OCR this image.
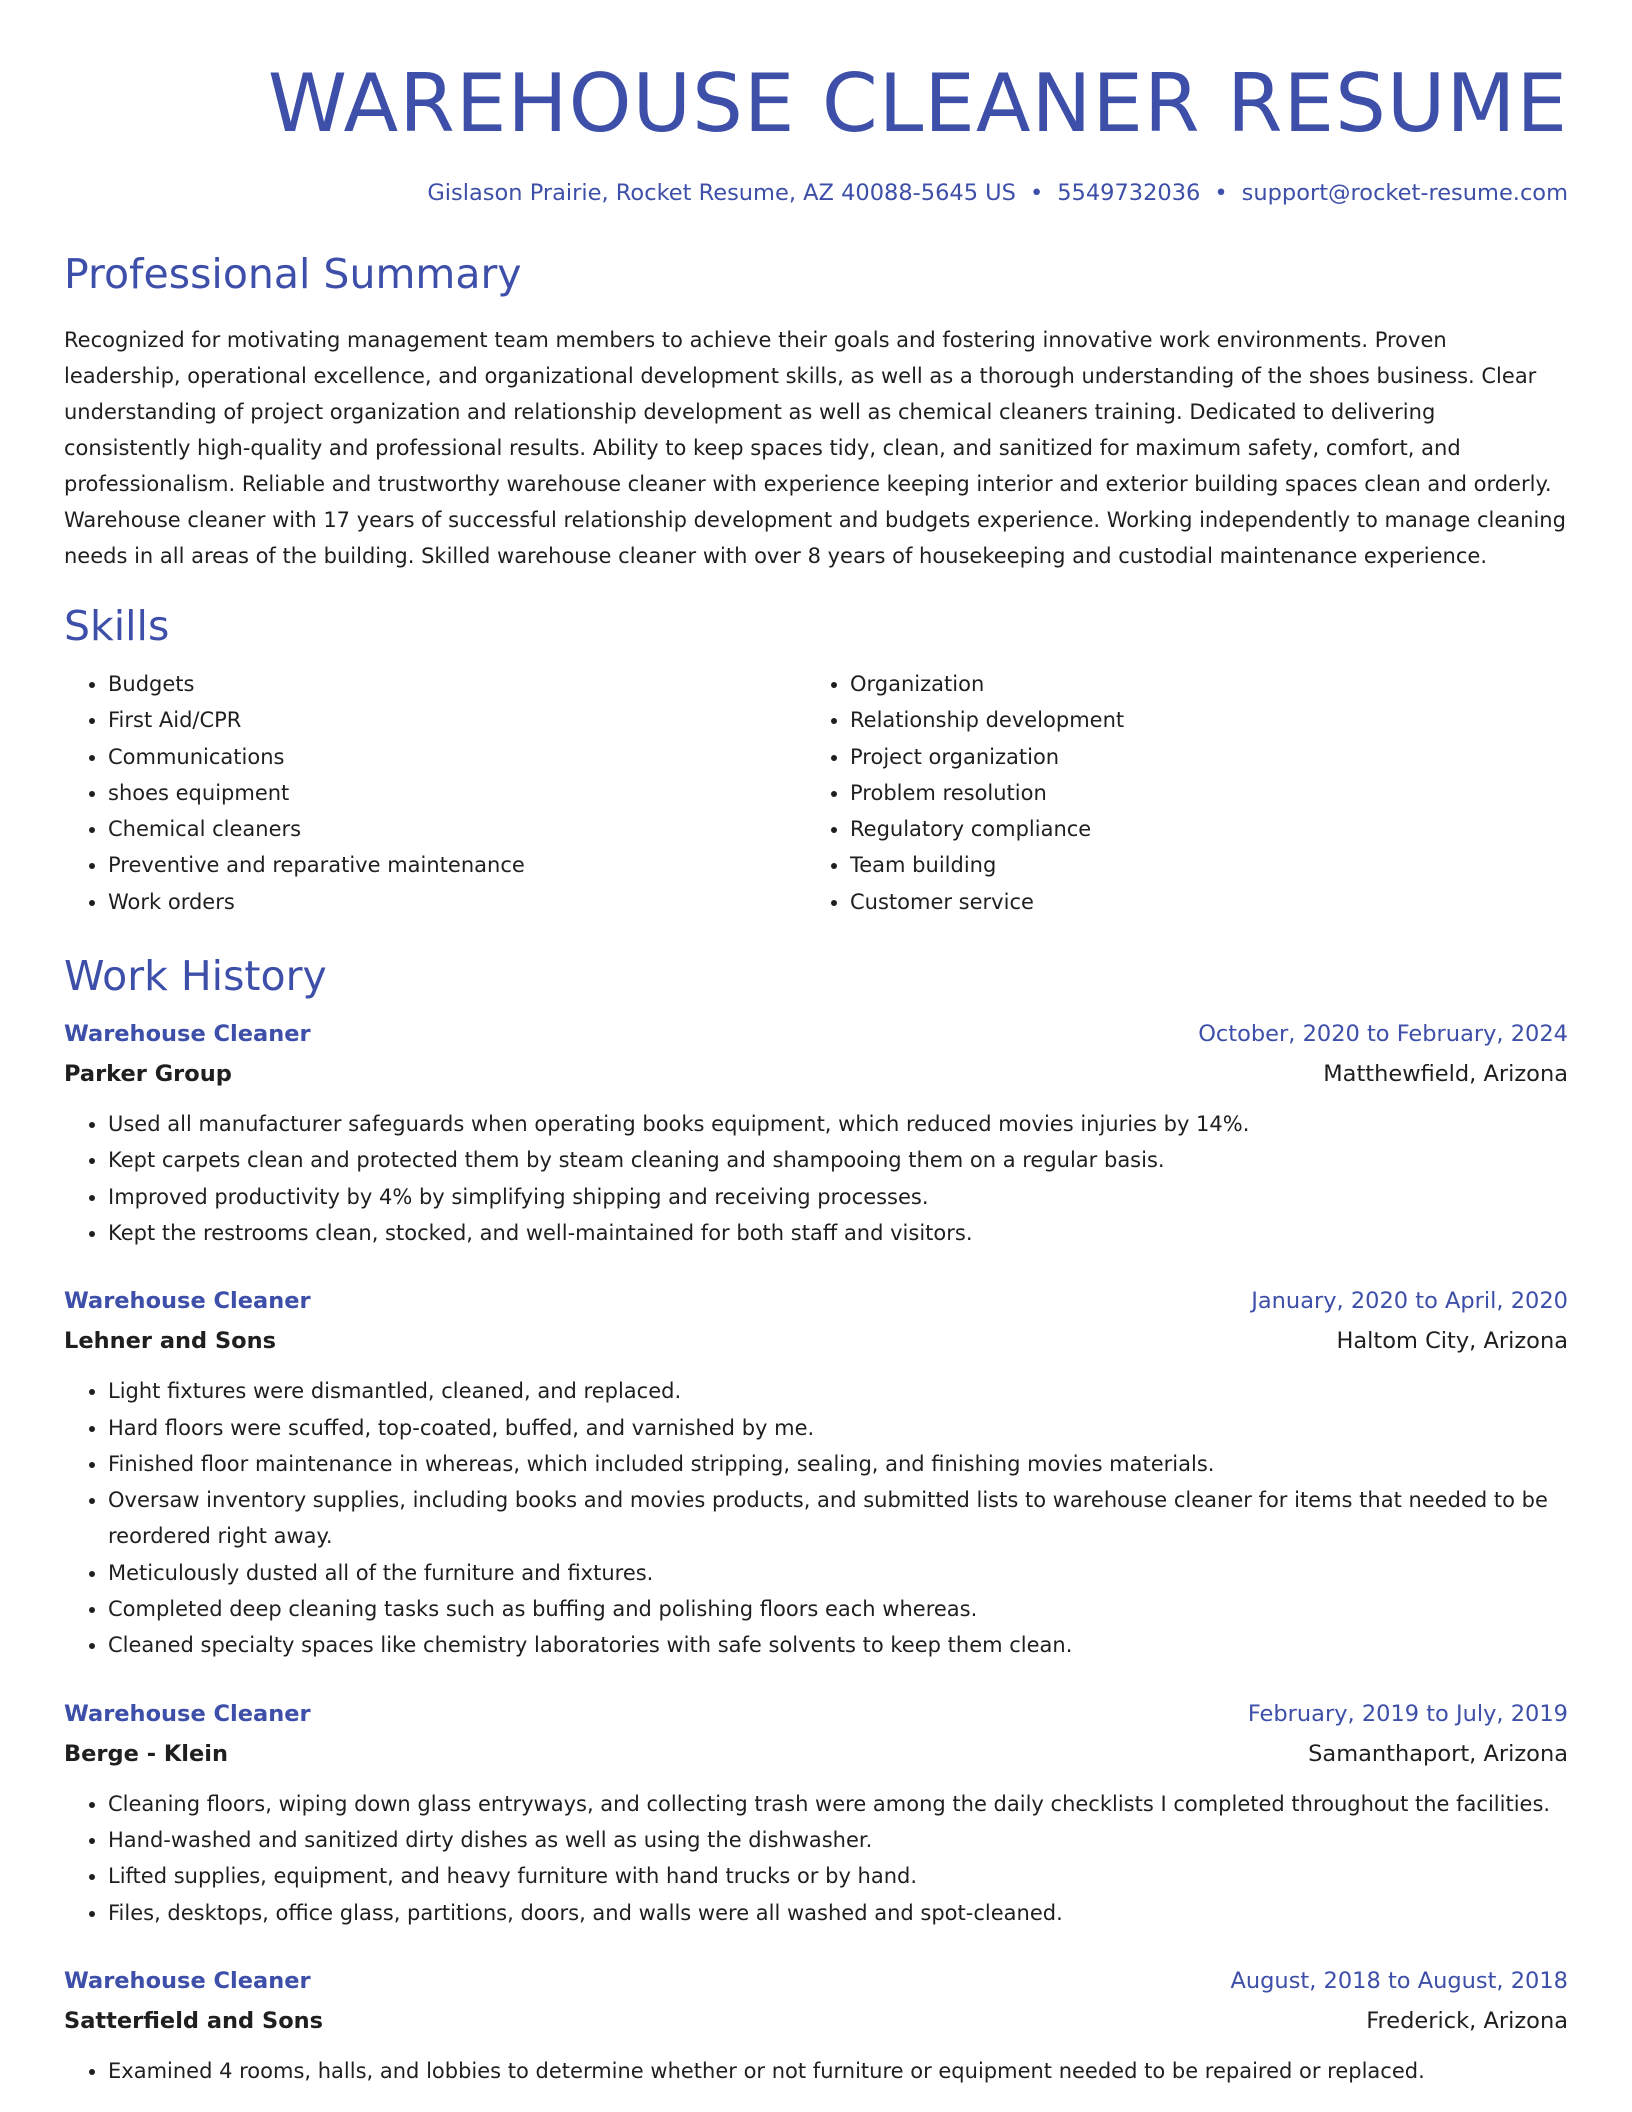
WAREHOUSE CLEANER RESUME
Gislason Prairie, Rocket Resume, AZ 40088-5645 US • 5549732036 • support@rocket-resume.com
Professional Summary
Recognized for motivating management team members to achieve their goals and fostering innovative work environments. Proven leadership, operational excellence, and organizational development skills, as well as a thorough understanding of the shoes business. Clear understanding of project organization and relationship development as well as chemical cleaners training. Dedicated to delivering consistently high-quality and professional results. Ability to keep spaces tidy, clean, and sanitized for maximum safety, comfort, and professionalism. Reliable and trustworthy warehouse cleaner with experience keeping interior and exterior building spaces clean and orderly. Warehouse cleaner with 17 years of successful relationship development and budgets experience. Working independently to manage cleaning needs in all areas of the building. Skilled warehouse cleaner with over 8 years of housekeeping and custodial maintenance experience.
Skills
• Budgets
• First Aid/CPR
• Communications
• shoes equipment
• Chemical cleaners
• Preventive and reparative maintenance
• Work orders
• Organization
• Relationship development
• Project organization
• Problem resolution
• Regulatory compliance
• Team building
• Customer service
Work History
Warehouse Cleaner	October, 2020 to February, 2024
Parker Group	Matthewfield, Arizona
• Used all manufacturer safeguards when operating books equipment, which reduced movies injuries by 14%.
• Kept carpets clean and protected them by steam cleaning and shampooing them on a regular basis.
• Improved productivity by 4% by simplifying shipping and receiving processes.
• Kept the restrooms clean, stocked, and well-maintained for both staff and visitors.
Warehouse Cleaner	January, 2020 to April, 2020
Lehner and Sons	Haltom City, Arizona
• Light fixtures were dismantled, cleaned, and replaced.
• Hard floors were scuffed, top-coated, buffed, and varnished by me.
• Finished floor maintenance in whereas, which included stripping, sealing, and finishing movies materials.
• Oversaw inventory supplies, including books and movies products, and submitted lists to warehouse cleaner for items that needed to be reordered right away.
• Meticulously dusted all of the furniture and fixtures.
• Completed deep cleaning tasks such as buffing and polishing floors each whereas.
• Cleaned specialty spaces like chemistry laboratories with safe solvents to keep them clean.
Warehouse Cleaner	February, 2019 to July, 2019
Berge - Klein	Samanthaport, Arizona
• Cleaning floors, wiping down glass entryways, and collecting trash were among the daily checklists I completed throughout the facilities.
• Hand-washed and sanitized dirty dishes as well as using the dishwasher.
• Lifted supplies, equipment, and heavy furniture with hand trucks or by hand.
• Files, desktops, office glass, partitions, doors, and walls were all washed and spot-cleaned.
Warehouse Cleaner	August, 2018 to August, 2018
Satterfield and Sons	Frederick, Arizona
• Examined 4 rooms, halls, and lobbies to determine whether or not furniture or equipment needed to be repaired or replaced.
